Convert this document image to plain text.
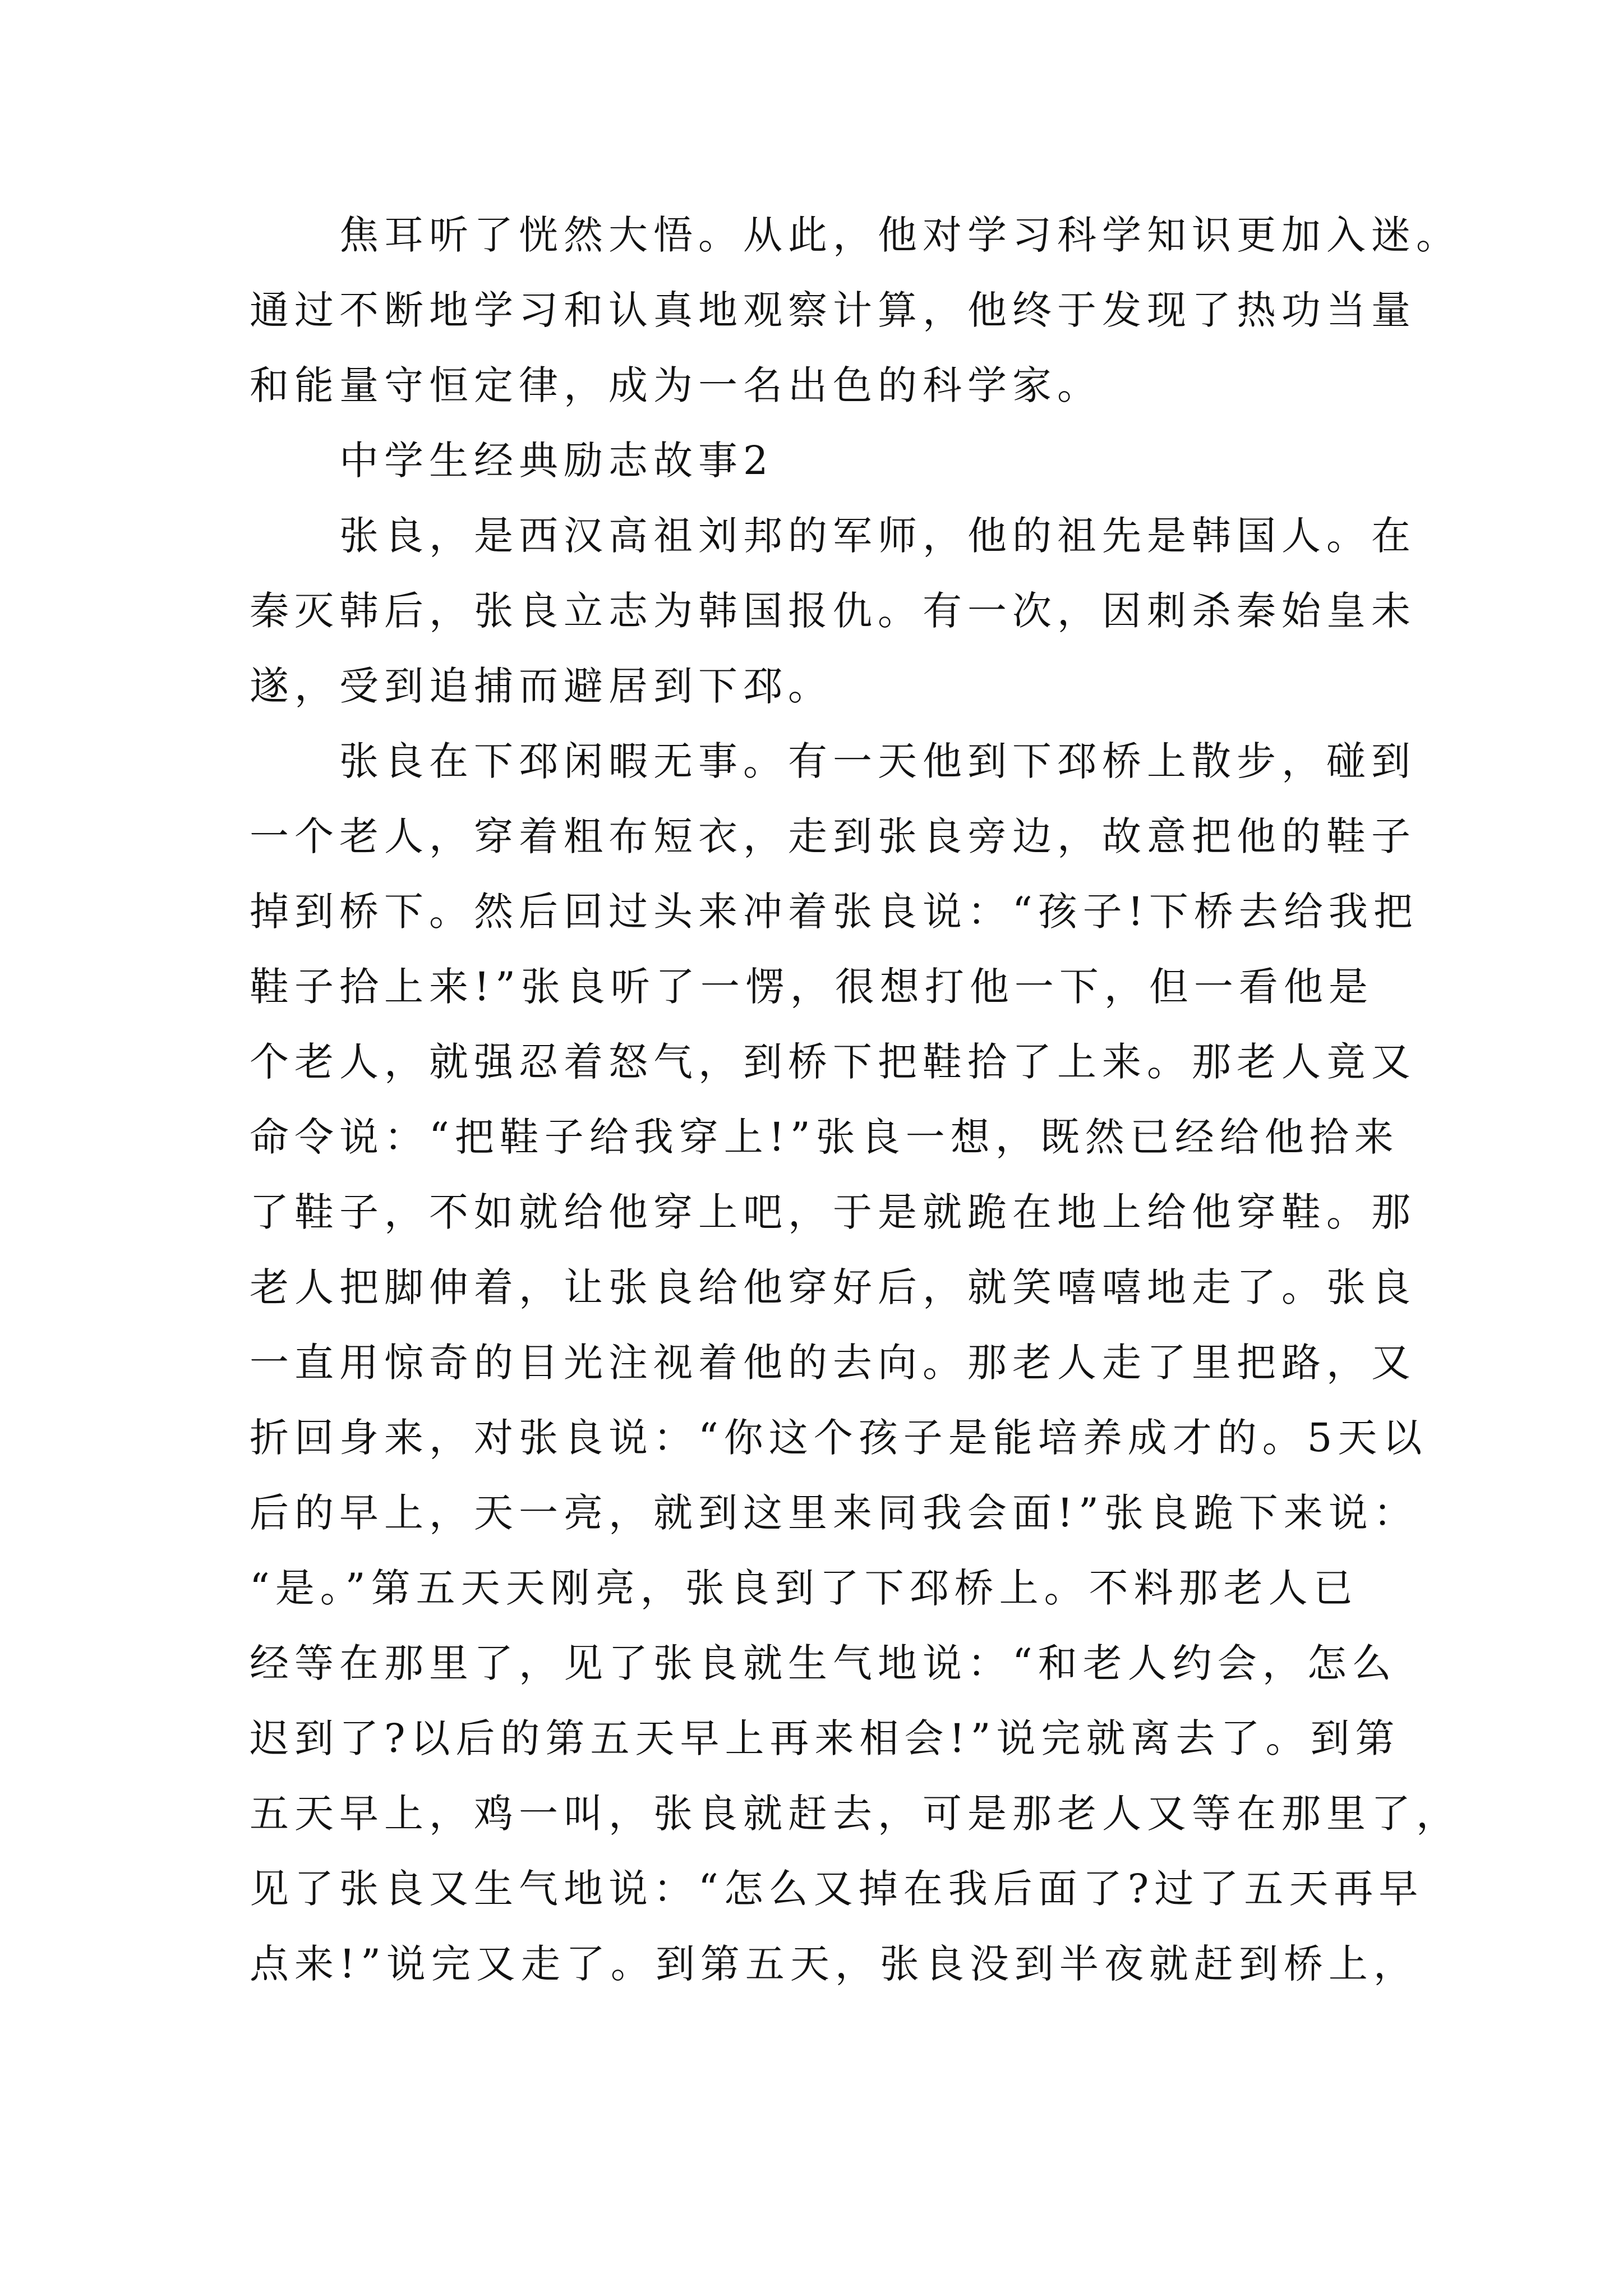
　　焦耳听了恍然大悟。从此，他对学习科学知识更加入迷。
通过不断地学习和认真地观察计算，他终于发现了热功当量
和能量守恒定律，成为一名出色的科学家。
　　中学生经典励志故事2
　　张良，是西汉高祖刘邦的军师，他的祖先是韩国人。在
秦灭韩后，张良立志为韩国报仇。有一次，因刺杀秦始皇未
遂，受到追捕而避居到下邳。
　　张良在下邳闲暇无事。有一天他到下邳桥上散步，碰到
一个老人，穿着粗布短衣，走到张良旁边，故意把他的鞋子
掉到桥下。然后回过头来冲着张良说：“孩子!下桥去给我把
鞋子拾上来!”张良听了一愣，很想打他一下，但一看他是
个老人，就强忍着怒气，到桥下把鞋拾了上来。那老人竟又
命令说：“把鞋子给我穿上!”张良一想，既然已经给他拾来
了鞋子，不如就给他穿上吧，于是就跪在地上给他穿鞋。那
老人把脚伸着，让张良给他穿好后，就笑嘻嘻地走了。张良
一直用惊奇的目光注视着他的去向。那老人走了里把路，又
折回身来，对张良说：“你这个孩子是能培养成才的。5天以
后的早上，天一亮，就到这里来同我会面!”张良跪下来说：
“是。”第五天天刚亮，张良到了下邳桥上。不料那老人已
经等在那里了，见了张良就生气地说：“和老人约会，怎么
迟到了?以后的第五天早上再来相会!”说完就离去了。到第
五天早上，鸡一叫，张良就赶去，可是那老人又等在那里了，
见了张良又生气地说：“怎么又掉在我后面了?过了五天再早
点来!”说完又走了。到第五天，张良没到半夜就赶到桥上，
